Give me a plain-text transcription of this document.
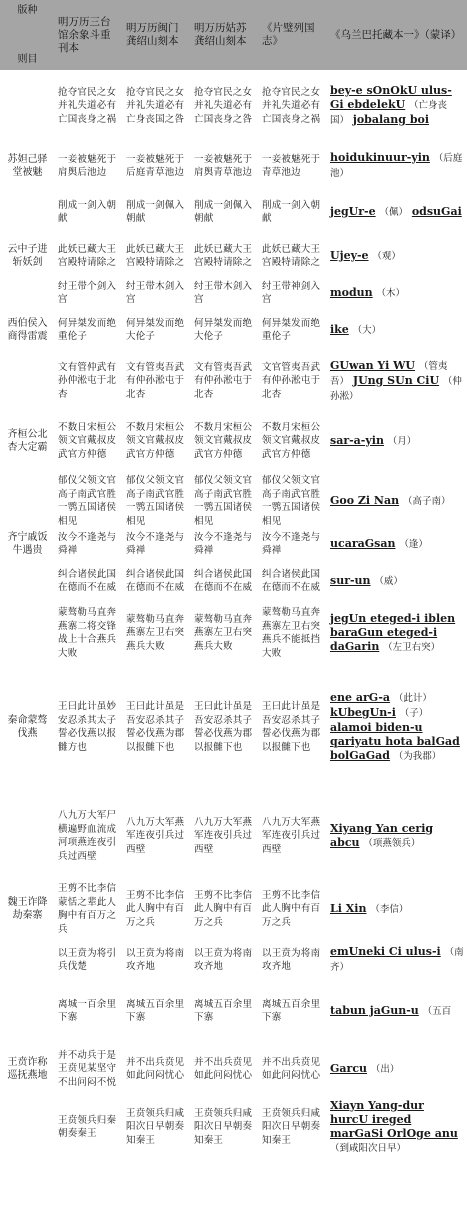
版种
则目	明万历三台馆余象斗重刊本	明万历闽门龚绍山刻本	明万历姑苏龚绍山刻本	《片璧列国志》	《乌兰巴托藏本一》（蒙译）
	抢夺官民之女并礼失道必有亡国丧身之祸	抢夺官民之女并礼失道必有亡身丧国之咎	抢夺官民之女并礼失道必有亡国丧身之咎	抢夺官民之女并礼失道必有亡国丧身之祸	bey-e sOnOkU ulus-Gi ebdelekU （亡身丧国） jobalang boi
苏妲己驿堂被魅	一妾被魅死于肩舆后池边	一妾被魅死于后庭青草池边	一妾被魅死于肩舆青草池边	一妾被魅死于青草池边	hoidukinuur-yin （后庭池）
	削成一剑入朝献	削成一剑佩入朝献	削成一剑佩入朝献	削成一剑入朝献	jegUr-e （佩） odsuGai
云中子进斩妖剑	此妖已藏大王宫殿特请除之	此妖已藏大王宫殿特请除之	此妖已藏大王宫殿特请除之	此妖已藏大王宫殿特请除之	Ujey-e （观）
	纣王带个剑入宫	纣王带木剑入宫	纣王带木剑入宫	纣王带神剑入宫	modun （木）
西伯侯入商得雷震	何异桀发而绝重伦子	何异桀发而绝大伦子	何异桀发而绝大伦子	何异桀发而绝重伦子	ike （大）
	文有管仲武有孙仲淞屯于北杏	文有管夷吾武有仲孙淞屯于北杏	文有管夷吾武有仲孙淞屯于北杏	文官管夷吾武有仲孙淞屯于北杏	GUwan Yi WU （管夷吾） JUng SUn CiU （仲孙淞）
齐桓公北杏大定霸	不数日宋桓公领文官戴叔皮武官方仲德	不数月宋桓公领文官戴叔皮武官方仲德	不数月宋桓公领文官戴叔皮武官方仲德	不数月宋桓公领文官戴叔皮武官方仲德	sar-a-yin （月）
	郁仪父领文官高子南武官胜一鹗五国诸侯相见	郁仪父领文官高子南武官胜一鹗五国诸侯相见	郁仪父领文官高子南武官胜一鹗五国诸侯相见	郁仪父领文官高子南武官胜一鹗五国诸侯相见	Goo Zi Nan （高子南）
齐宁戚饭牛遇贵	汝今不逢尧与舜禅	汝今不逢尧与舜禅	汝今不逢尧与舜禅	汝今不逢尧与舜禅	ucaraGsan （逢）
	纠合诸侯此国在德而不在威	纠合诸侯此国在德而不在威	纠合诸侯此国在德而不在威	纠合诸侯此国在德而不在威	sur-un （威）
	蒙骜勒马直奔燕寨二将交锋战上十合燕兵大败	蒙骜勒马直奔燕寨左卫右突燕兵大败	蒙骜勒马直奔燕寨左卫右突燕兵大败	蒙骜勒马直奔燕寨左卫右突燕兵不能抵挡大败	jegUn eteged-i iblen baraGun eteged-i daGarin （左卫右突）
秦命蒙骜伐燕	王曰此计虽妙安忍杀其太子誓必伐燕以报雠方也	王曰此计虽是吾安忍杀其子誓必伐燕为郡以报雠下也	王曰此计虽是吾安忍杀其子誓必伐燕为郡以报雠下也	王曰此计虽是吾安忍杀其子誓必伐燕为郡以报雠下也	ene arG-a （此计） kUbegUn-i （子） alamoi biden-u qariyatu hota balGad bolGaGad （为我郡）
	八九万大军尸横遍野血流成河项燕连夜引兵过西壁	八九万大军燕军连夜引兵过西壁	八九万大军燕军连夜引兵过西壁	八九万大军燕军连夜引兵过西壁	Xiyang Yan cerig abcu （项燕领兵）
魏王诈降劫秦寨	王剪不比李信蒙恬之辈此人胸中有百万之兵	王剪不比李信此人胸中有百万之兵	王剪不比李信此人胸中有百万之兵	王剪不比李信此人胸中有百万之兵	Li Xin （李信）
	以王贲为将引兵伐楚	以王贲为将南攻齐地	以王贲为将南攻齐地	以王贲为将南攻齐地	emUneki Ci ulus-i （南齐）
	离城一百余里下寨	离城五百余里下寨	离城五百余里下寨	离城五百余里下寨	tabun jaGun-u （五百
王贲诈称巡抚燕地	并不动兵于是王贲见某坚守不出问闷不悦	并不出兵贲见如此问闷忧心	并不出兵贲见如此问闷忧心	并不出兵贲见如此问闷忧心	Garcu （出）
	王贲领兵归秦朝奏秦王	王贲领兵归咸阳次日早朝奏知秦王	王贲领兵归咸阳次日早朝奏知秦王	王贲领兵归咸阳次日早朝奏知秦王	Xiayn Yang-dur hurcU ireged marGaSi OrlOge anu （到咸阳次日早）
